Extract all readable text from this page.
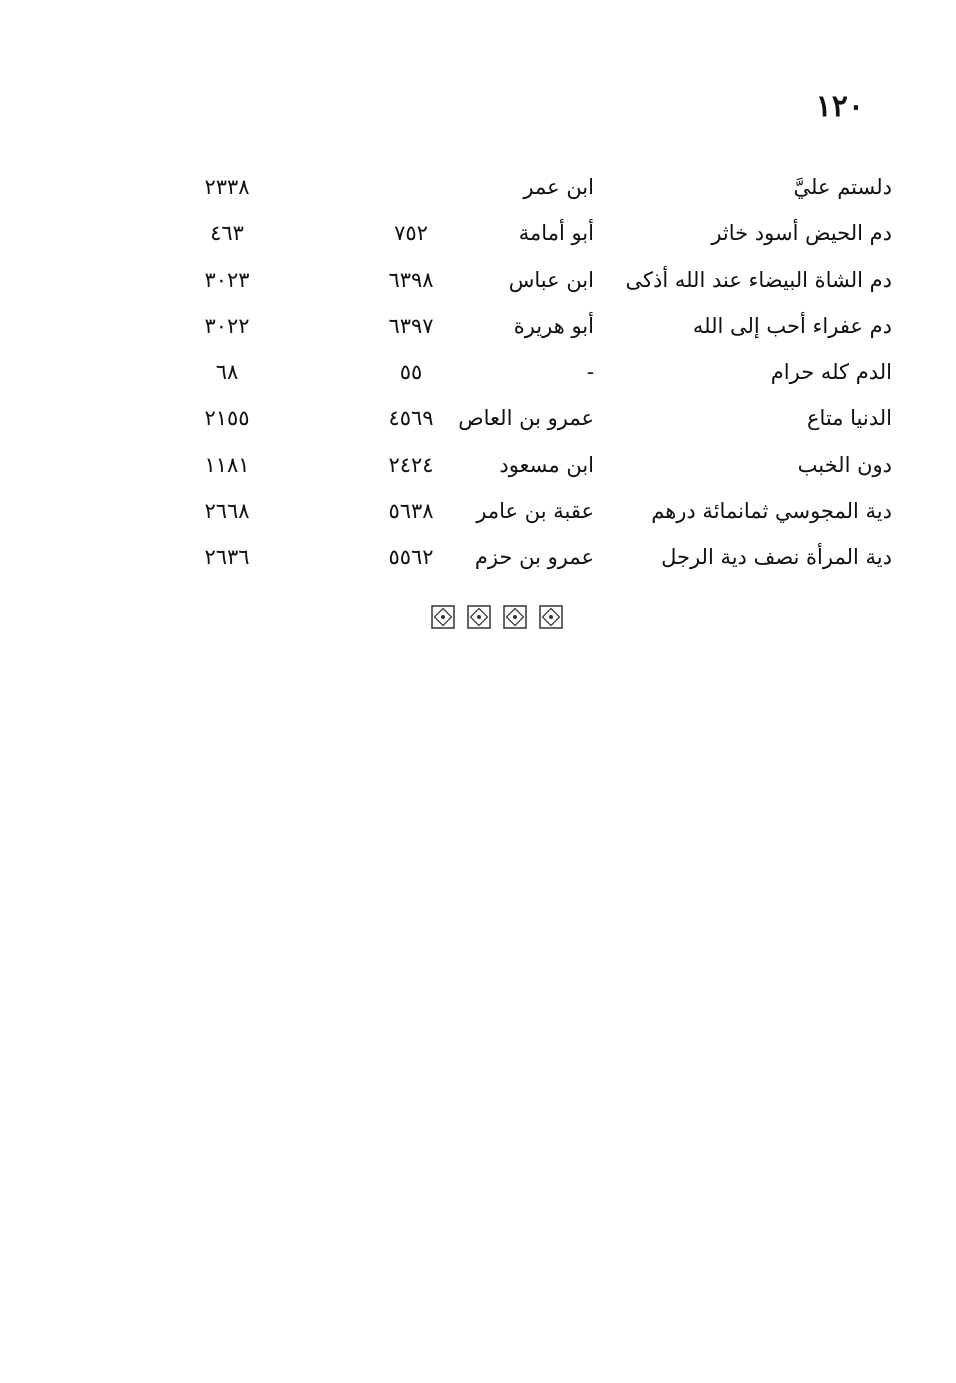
١٢٠
دلستم عليَّ
ابن عمر
٢٣٣٨
دم الحيض أسود خاثر
أبو أمامة
٧٥٢
٤٦٣
دم الشاة البيضاء عند الله أذكى
ابن عباس
٦٣٩٨
٣٠٢٣
دم عفراء أحب إلى الله
أبو هريرة
٦٣٩٧
٣٠٢٢
الدم كله حرام
-
٥٥
٦٨
الدنيا متاع
عمرو بن العاص
٤٥٦٩
٢١٥٥
دون الخبب
ابن مسعود
٢٤٢٤
١١٨١
دية المجوسي ثمانمائة درهم
عقبة بن عامر
٥٦٣٨
٢٦٦٨
دية المرأة نصف دية الرجل
عمرو بن حزم
٥٥٦٢
٢٦٣٦
